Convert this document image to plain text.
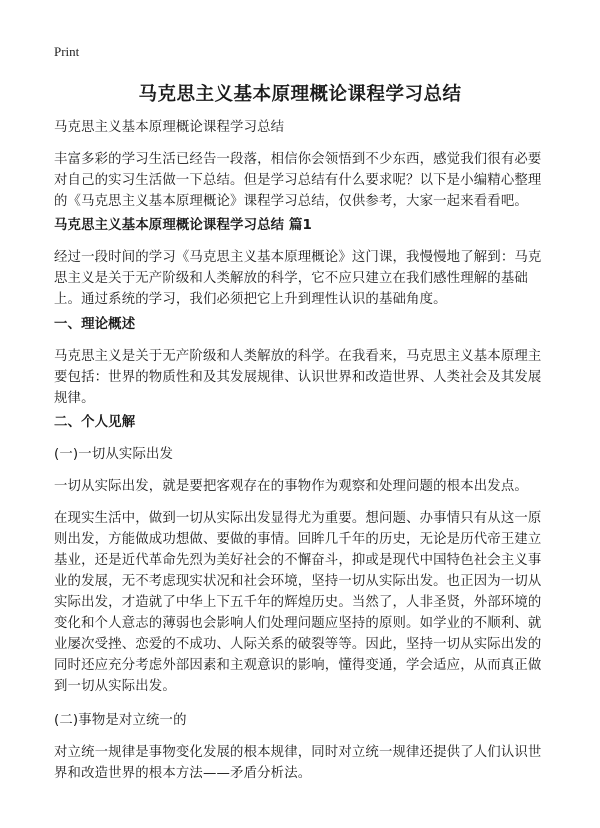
Print
马克思主义基本原理概论课程学习总结

马克思主义基本原理概论课程学习总结

丰富多彩的学习生活已经告一段落，相信你会领悟到不少东西，感觉我们很有必要对自己的实习生活做一下总结。但是学习总结有什么要求呢？以下是小编精心整理的《马克思主义基本原理概论》课程学习总结，仅供参考，大家一起来看看吧。

马克思主义基本原理概论课程学习总结 篇1

经过一段时间的学习《马克思主义基本原理概论》这门课，我慢慢地了解到：马克思主义是关于无产阶级和人类解放的科学，它不应只建立在我们感性理解的基础上。通过系统的学习，我们必须把它上升到理性认识的基础角度。

一、理论概述

马克思主义是关于无产阶级和人类解放的科学。在我看来，马克思主义基本原理主要包括：世界的物质性和及其发展规律、认识世界和改造世界、人类社会及其发展规律。

二、个人见解

(一)一切从实际出发

一切从实际出发，就是要把客观存在的事物作为观察和处理问题的根本出发点。

在现实生活中，做到一切从实际出发显得尤为重要。想问题、办事情只有从这一原则出发，方能做成功想做、要做的事情。回眸几千年的历史，无论是历代帝王建立基业，还是近代革命先烈为美好社会的不懈奋斗，抑或是现代中国特色社会主义事业的发展，无不考虑现实状况和社会环境，坚持一切从实际出发。也正因为一切从实际出发，才造就了中华上下五千年的辉煌历史。当然了，人非圣贤，外部环境的变化和个人意志的薄弱也会影响人们处理问题应坚持的原则。如学业的不顺利、就业屡次受挫、恋爱的不成功、人际关系的破裂等等。因此，坚持一切从实际出发的同时还应充分考虑外部因素和主观意识的影响，懂得变通，学会适应，从而真正做到一切从实际出发。

(二)事物是对立统一的

对立统一规律是事物变化发展的根本规律，同时对立统一规律还提供了人们认识世界和改造世界的根本方法——矛盾分析法。
